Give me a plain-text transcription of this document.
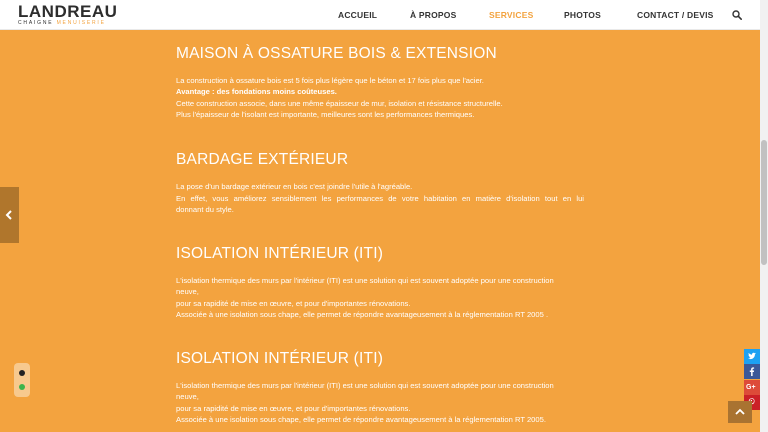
LANDREAU
CHAIGNE MENUISERIE
ACCUEIL	À PROPOS	SERVICES	PHOTOS	CONTACT / DEVIS
MAISON À OSSATURE BOIS & EXTENSION

La construction à ossature bois est 5 fois plus légère que le béton et 17 fois plus que l'acier.

Avantage : des fondations moins coûteuses.

Cette construction associe, dans une même épaisseur de mur, isolation et résistance structurelle.

Plus l'épaisseur de l'isolant est importante, meilleures sont les performances thermiques.

BARDAGE EXTÉRIEUR

La pose d'un bardage extérieur en bois c'est joindre l'utile à l'agréable.

En effet, vous améliorez sensiblement les performances de votre habitation en matière d'isolation tout en lui

donnant du style.

ISOLATION INTÉRIEUR (ITI)

L'isolation thermique des murs par l'intérieur (ITI) est une solution qui est souvent adoptée pour une construction

neuve,

pour sa rapidité de mise en œuvre, et pour d'importantes rénovations.

Associée à une isolation sous chape, elle permet de répondre avantageusement à la réglementation RT 2005 .

ISOLATION INTÉRIEUR (ITI)

L'isolation thermique des murs par l'intérieur (ITI) est une solution qui est souvent adoptée pour une construction

neuve,

pour sa rapidité de mise en œuvre, et pour d'importantes rénovations.

Associée à une isolation sous chape, elle permet de répondre avantageusement à la réglementation RT 2005.

G+
